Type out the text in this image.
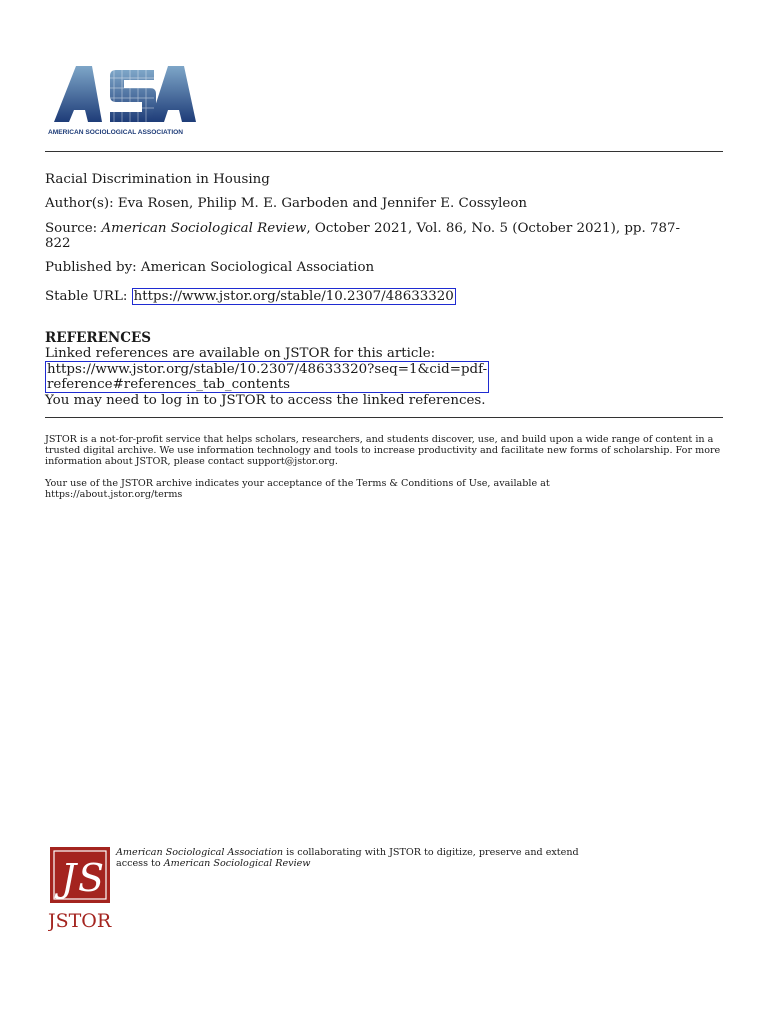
AMERICAN SOCIOLOGICAL ASSOCIATION
Racial Discrimination in Housing
Author(s): Eva Rosen, Philip M. E. Garboden and Jennifer E. Cossyleon
Source: American Sociological Review, October 2021, Vol. 86, No. 5 (October 2021), pp. 787-
822
Published by: American Sociological Association
Stable URL: https://www.jstor.org/stable/10.2307/48633320
REFERENCES
Linked references are available on JSTOR for this article:
https://www.jstor.org/stable/10.2307/48633320?seq=1&cid=pdf-
reference#references_tab_contents
You may need to log in to JSTOR to access the linked references.
JSTOR is a not-for-profit service that helps scholars, researchers, and students discover, use, and build upon a wide range of content in a trusted digital archive. We use information technology and tools to increase productivity and facilitate new forms of scholarship. For more information about JSTOR, please contact support@jstor.org.
Your use of the JSTOR archive indicates your acceptance of the Terms & Conditions of Use, available at
https://about.jstor.org/terms
J S
JSTOR
American Sociological Association is collaborating with JSTOR to digitize, preserve and extend
access to American Sociological Review
